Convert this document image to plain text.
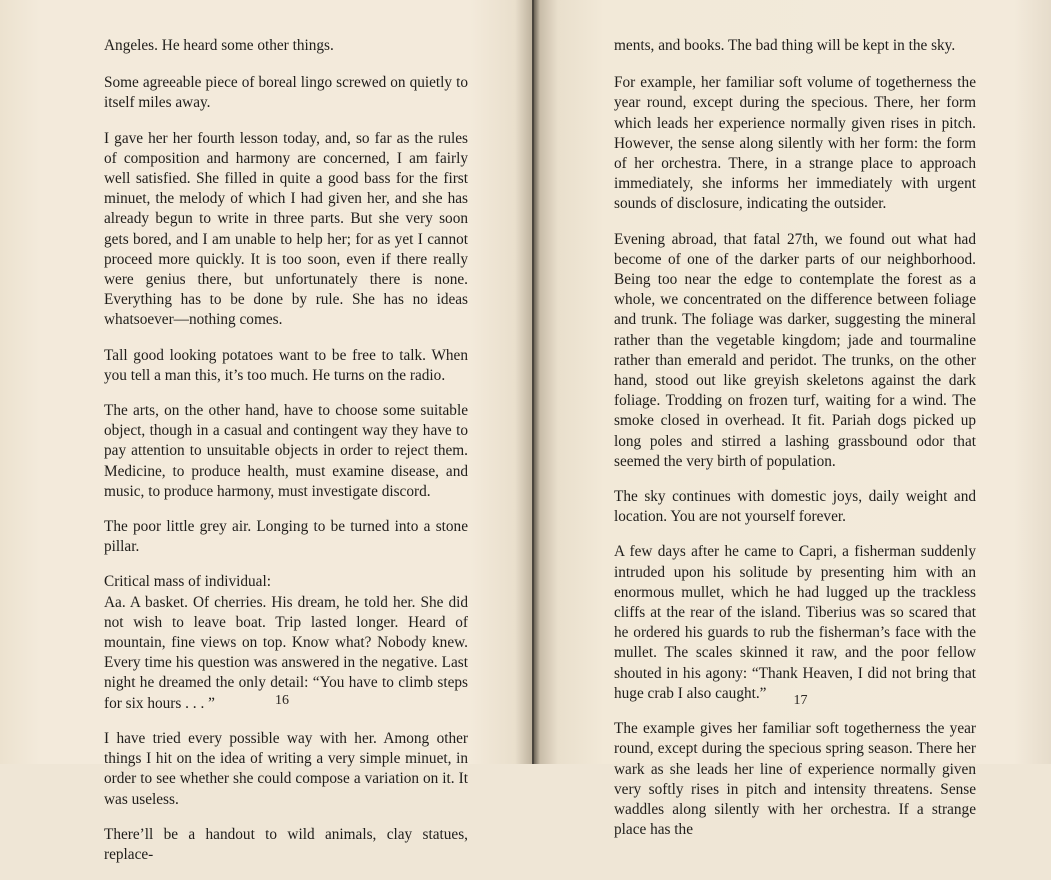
Angeles. He heard some other things.

Some agreeable piece of boreal lingo screwed on quietly to itself miles away.

I gave her her fourth lesson today, and, so far as the rules of composition and harmony are concerned, I am fairly well satisfied. She filled in quite a good bass for the first minuet, the melody of which I had given her, and she has already begun to write in three parts. But she very soon gets bored, and I am unable to help her; for as yet I cannot proceed more quickly. It is too soon, even if there really were genius there, but unfortunately there is none. Everything has to be done by rule. She has no ideas whatsoever—nothing comes.

Tall good looking potatoes want to be free to talk. When you tell a man this, it’s too much. He turns on the radio.

The arts, on the other hand, have to choose some suitable object, though in a casual and contingent way they have to pay attention to unsuitable objects in order to reject them. Medicine, to produce health, must examine disease, and music, to produce harmony, must investigate discord.

The poor little grey air. Longing to be turned into a stone pillar.

Critical mass of individual:

Aa. A basket. Of cherries. His dream, he told her. She did not wish to leave boat. Trip lasted longer. Heard of mountain, fine views on top. Know what? Nobody knew. Every time his question was answered in the negative. Last night he dreamed the only detail: “You have to climb steps for six hours . . . ”

I have tried every possible way with her. Among other things I hit on the idea of writing a very simple minuet, in order to see whether she could compose a variation on it. It was useless.

There’ll be a handout to wild animals, clay statues, replace-

16

ments, and books. The bad thing will be kept in the sky.

For example, her familiar soft volume of togetherness the year round, except during the specious. There, her form which leads her experience normally given rises in pitch. However, the sense along silently with her form: the form of her orchestra. There, in a strange place to approach immediately, she informs her immediately with urgent sounds of disclosure, indicating the outsider.

Evening abroad, that fatal 27th, we found out what had become of one of the darker parts of our neighborhood. Being too near the edge to contemplate the forest as a whole, we concentrated on the difference between foliage and trunk. The foliage was darker, suggesting the mineral rather than the vegetable kingdom; jade and tourmaline rather than emerald and peridot. The trunks, on the other hand, stood out like greyish skeletons against the dark foliage. Trodding on frozen turf, waiting for a wind. The smoke closed in overhead. It fit. Pariah dogs picked up long poles and stirred a lashing grassbound odor that seemed the very birth of population.

The sky continues with domestic joys, daily weight and location. You are not yourself forever.

A few days after he came to Capri, a fisherman suddenly intruded upon his solitude by presenting him with an enormous mullet, which he had lugged up the trackless cliffs at the rear of the island. Tiberius was so scared that he ordered his guards to rub the fisherman’s face with the mullet. The scales skinned it raw, and the poor fellow shouted in his agony: “Thank Heaven, I did not bring that huge crab I also caught.”

The example gives her familiar soft togetherness the year round, except during the specious spring season. There her wark as she leads her line of experience normally given very softly rises in pitch and intensity threatens. Sense waddles along silently with her orchestra. If a strange place has the

17
